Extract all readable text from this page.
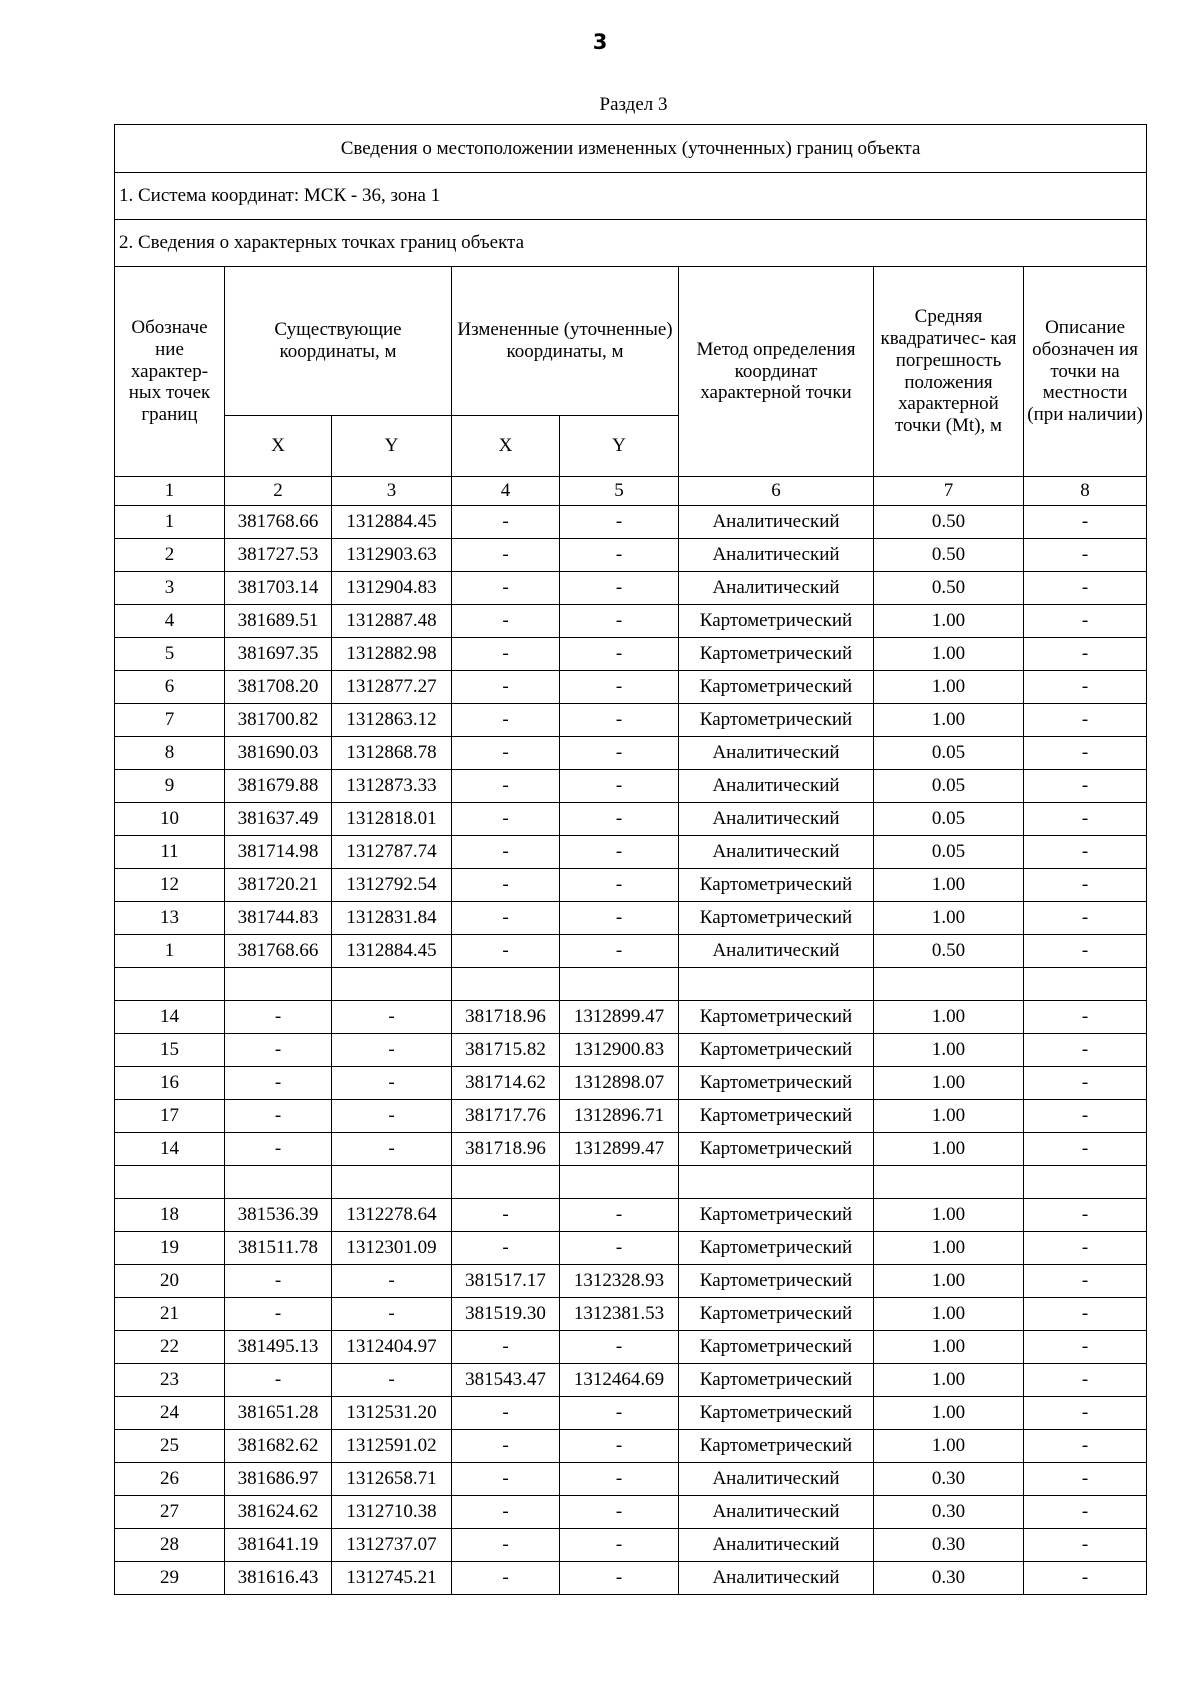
3
Раздел 3
Сведения о местоположении измененных (уточненных) границ объекта							
1. Система координат: МСК - 36, зона 1							
2. Сведения о характерных точках границ объекта							
Обозначе ние характер- ных точек границ	Существующие координаты, м		Измененные (уточненные) координаты, м		Метод определения координат характерной точки	Средняя квадратичес- кая погрешность положения характерной точки (Mt), м	Описание обозначен ия точки на местности (при наличии)
	X	Y	X	Y			
1	2	3	4	5	6	7	8
1	381768.66	1312884.45	-	-	Аналитический	0.50	-
2	381727.53	1312903.63	-	-	Аналитический	0.50	-
3	381703.14	1312904.83	-	-	Аналитический	0.50	-
4	381689.51	1312887.48	-	-	Картометрический	1.00	-
5	381697.35	1312882.98	-	-	Картометрический	1.00	-
6	381708.20	1312877.27	-	-	Картометрический	1.00	-
7	381700.82	1312863.12	-	-	Картометрический	1.00	-
8	381690.03	1312868.78	-	-	Аналитический	0.05	-
9	381679.88	1312873.33	-	-	Аналитический	0.05	-
10	381637.49	1312818.01	-	-	Аналитический	0.05	-
11	381714.98	1312787.74	-	-	Аналитический	0.05	-
12	381720.21	1312792.54	-	-	Картометрический	1.00	-
13	381744.83	1312831.84	-	-	Картометрический	1.00	-
1	381768.66	1312884.45	-	-	Аналитический	0.50	-

14	-	-	381718.96	1312899.47	Картометрический	1.00	-
15	-	-	381715.82	1312900.83	Картометрический	1.00	-
16	-	-	381714.62	1312898.07	Картометрический	1.00	-
17	-	-	381717.76	1312896.71	Картометрический	1.00	-
14	-	-	381718.96	1312899.47	Картометрический	1.00	-

18	381536.39	1312278.64	-	-	Картометрический	1.00	-
19	381511.78	1312301.09	-	-	Картометрический	1.00	-
20	-	-	381517.17	1312328.93	Картометрический	1.00	-
21	-	-	381519.30	1312381.53	Картометрический	1.00	-
22	381495.13	1312404.97	-	-	Картометрический	1.00	-
23	-	-	381543.47	1312464.69	Картометрический	1.00	-
24	381651.28	1312531.20	-	-	Картометрический	1.00	-
25	381682.62	1312591.02	-	-	Картометрический	1.00	-
26	381686.97	1312658.71	-	-	Аналитический	0.30	-
27	381624.62	1312710.38	-	-	Аналитический	0.30	-
28	381641.19	1312737.07	-	-	Аналитический	0.30	-
29	381616.43	1312745.21	-	-	Аналитический	0.30	-
